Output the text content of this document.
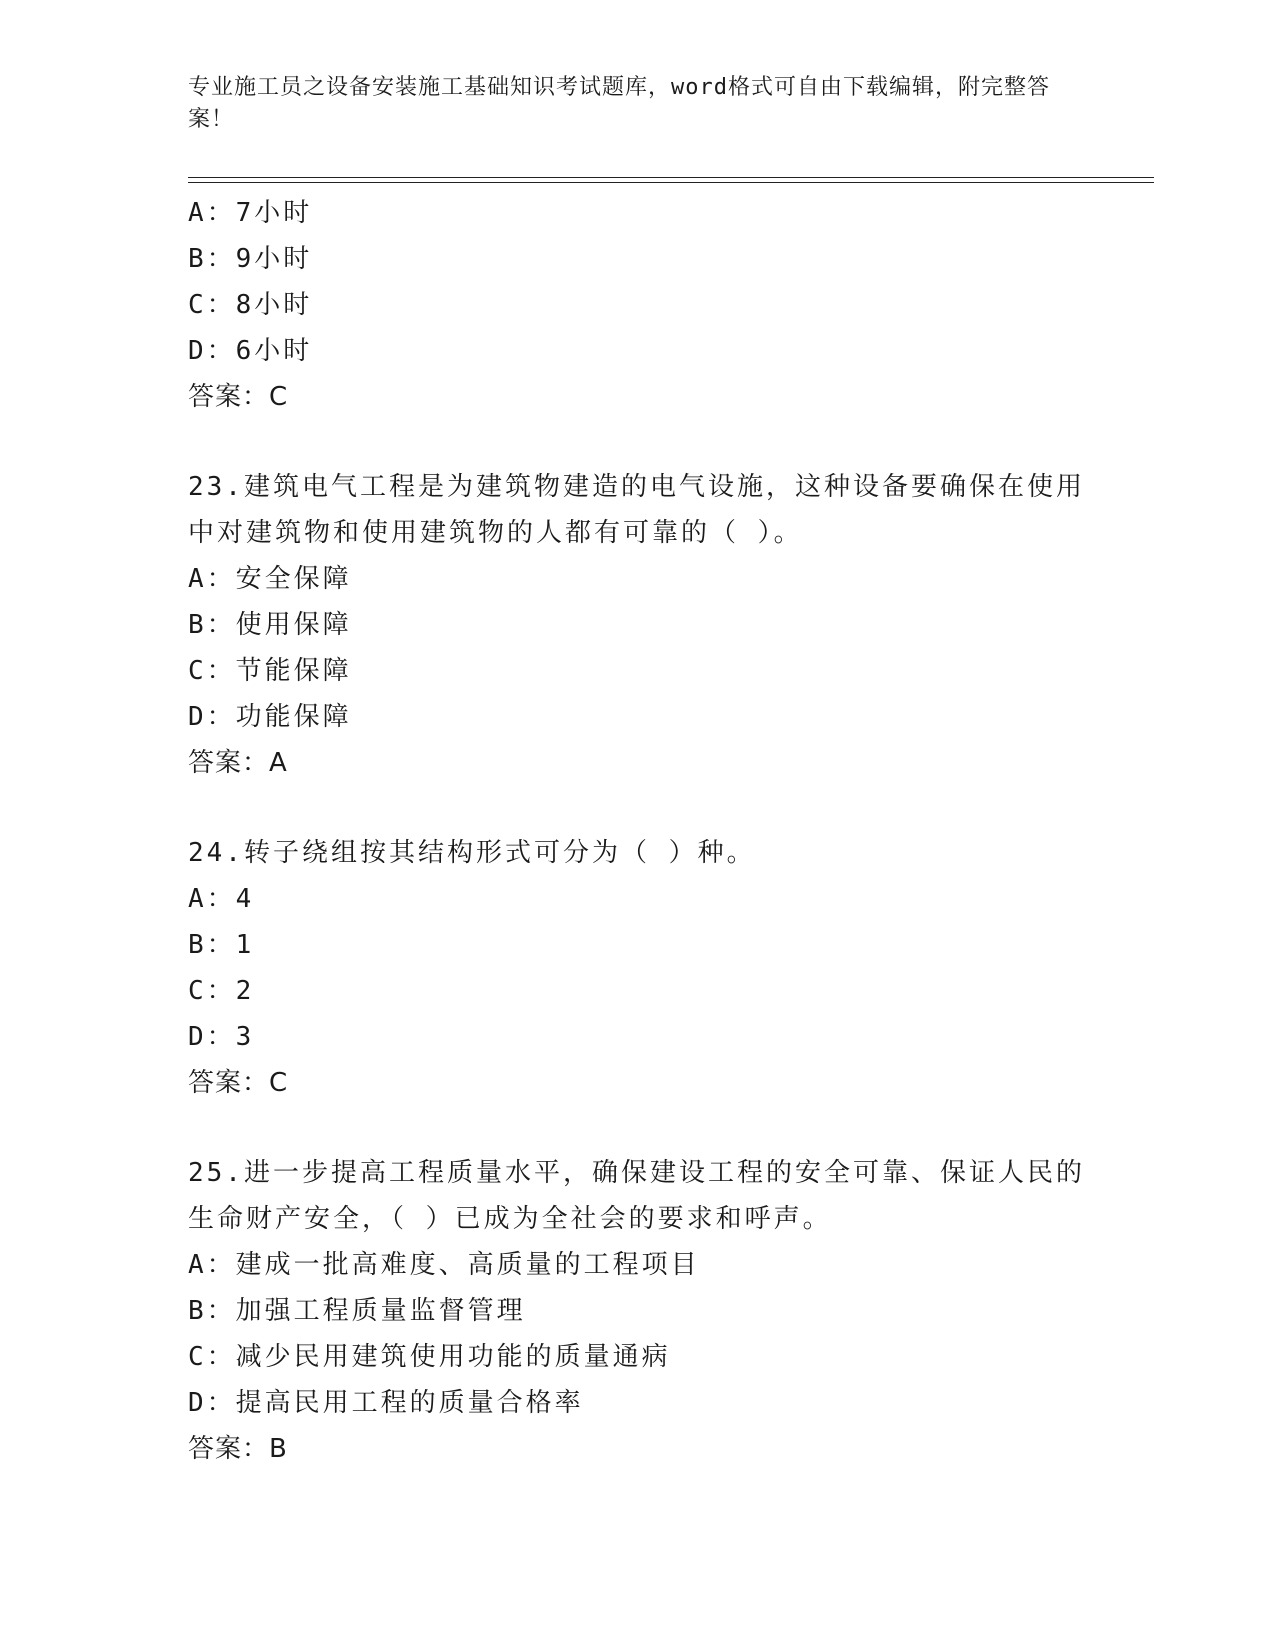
专业施工员之设备安装施工基础知识考试题库，word格式可自由下载编辑，附完整答案！
A：7小时
B：9小时
C：8小时
D：6小时
答案：C
23.建筑电气工程是为建筑物建造的电气设施，这种设备要确保在使用中对建筑物和使用建筑物的人都有可靠的（ ）。
A：安全保障
B：使用保障
C：节能保障
D：功能保障
答案：A
24.转子绕组按其结构形式可分为（ ）种。
A：4
B：1
C：2
D：3
答案：C
25.进一步提高工程质量水平，确保建设工程的安全可靠、保证人民的生命财产安全，（ ）已成为全社会的要求和呼声。
A：建成一批高难度、高质量的工程项目
B：加强工程质量监督管理
C：减少民用建筑使用功能的质量通病
D：提高民用工程的质量合格率
答案：B
